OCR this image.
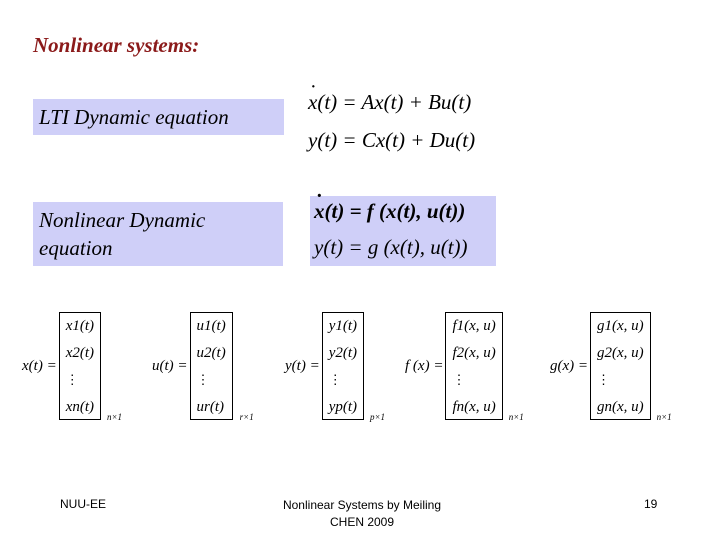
Nonlinear systems:
LTI Dynamic equation
· x(t) = Ax(t) + Bu(t)
y(t) = Cx(t) + Du(t)
Nonlinear Dynamic
equation
· x(t) = f (x(t), u(t))
y(t) = g (x(t), u(t))
x(t) =
x1(t)
x2(t)
⋮
xn(t)
n×1
u(t) =
u1(t)
u2(t)
⋮
ur(t)
r×1
y(t) =
y1(t)
y2(t)
⋮
yp(t)
p×1
f (x) =
f1(x, u)
f2(x, u)
⋮
fn(x, u)
n×1
g(x) =
g1(x, u)
g2(x, u)
⋮
gn(x, u)
n×1
NUU-EE	Nonlinear Systems by Meiling
CHEN 2009
19
